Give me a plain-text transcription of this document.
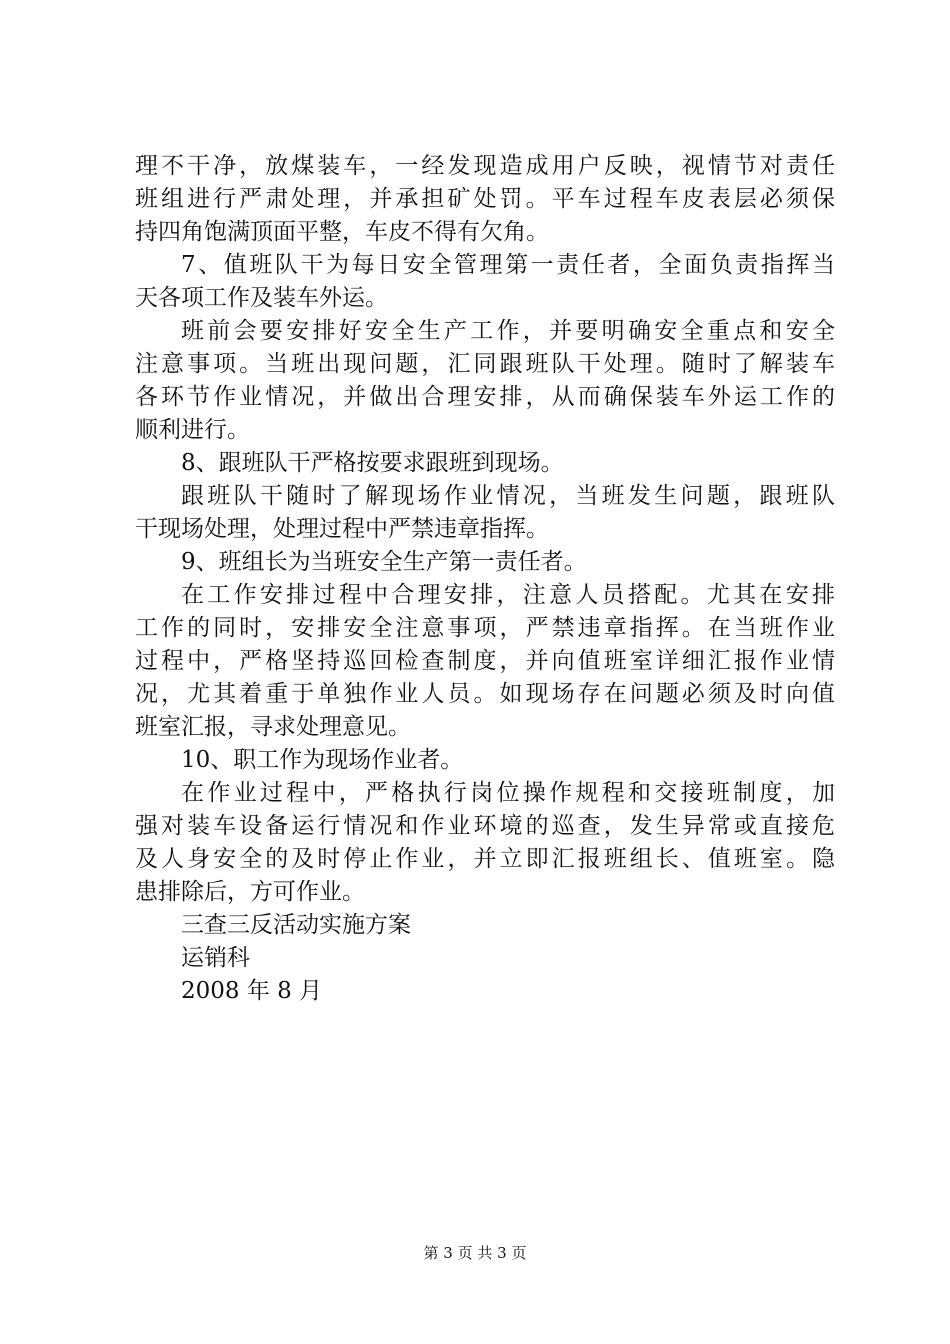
理不干净，放煤装车，一经发现造成用户反映，视情节对责任
班组进行严肃处理，并承担矿处罚。平车过程车皮表层必须保
持四角饱满顶面平整，车皮不得有欠角。
7、值班队干为每日安全管理第一责任者，全面负责指挥当
天各项工作及装车外运。
班前会要安排好安全生产工作，并要明确安全重点和安全
注意事项。当班出现问题，汇同跟班队干处理。随时了解装车
各环节作业情况，并做出合理安排，从而确保装车外运工作的
顺利进行。
8、跟班队干严格按要求跟班到现场。
跟班队干随时了解现场作业情况，当班发生问题，跟班队
干现场处理，处理过程中严禁违章指挥。
9、班组长为当班安全生产第一责任者。
在工作安排过程中合理安排，注意人员搭配。尤其在安排
工作的同时，安排安全注意事项，严禁违章指挥。在当班作业
过程中，严格坚持巡回检查制度，并向值班室详细汇报作业情
况，尤其着重于单独作业人员。如现场存在问题必须及时向值
班室汇报，寻求处理意见。
10、职工作为现场作业者。
在作业过程中，严格执行岗位操作规程和交接班制度，加
强对装车设备运行情况和作业环境的巡查，发生异常或直接危
及人身安全的及时停止作业，并立即汇报班组长、值班室。隐
患排除后，方可作业。
三查三反活动实施方案
运销科
2008 年 8 月
第 3 页 共 3 页
